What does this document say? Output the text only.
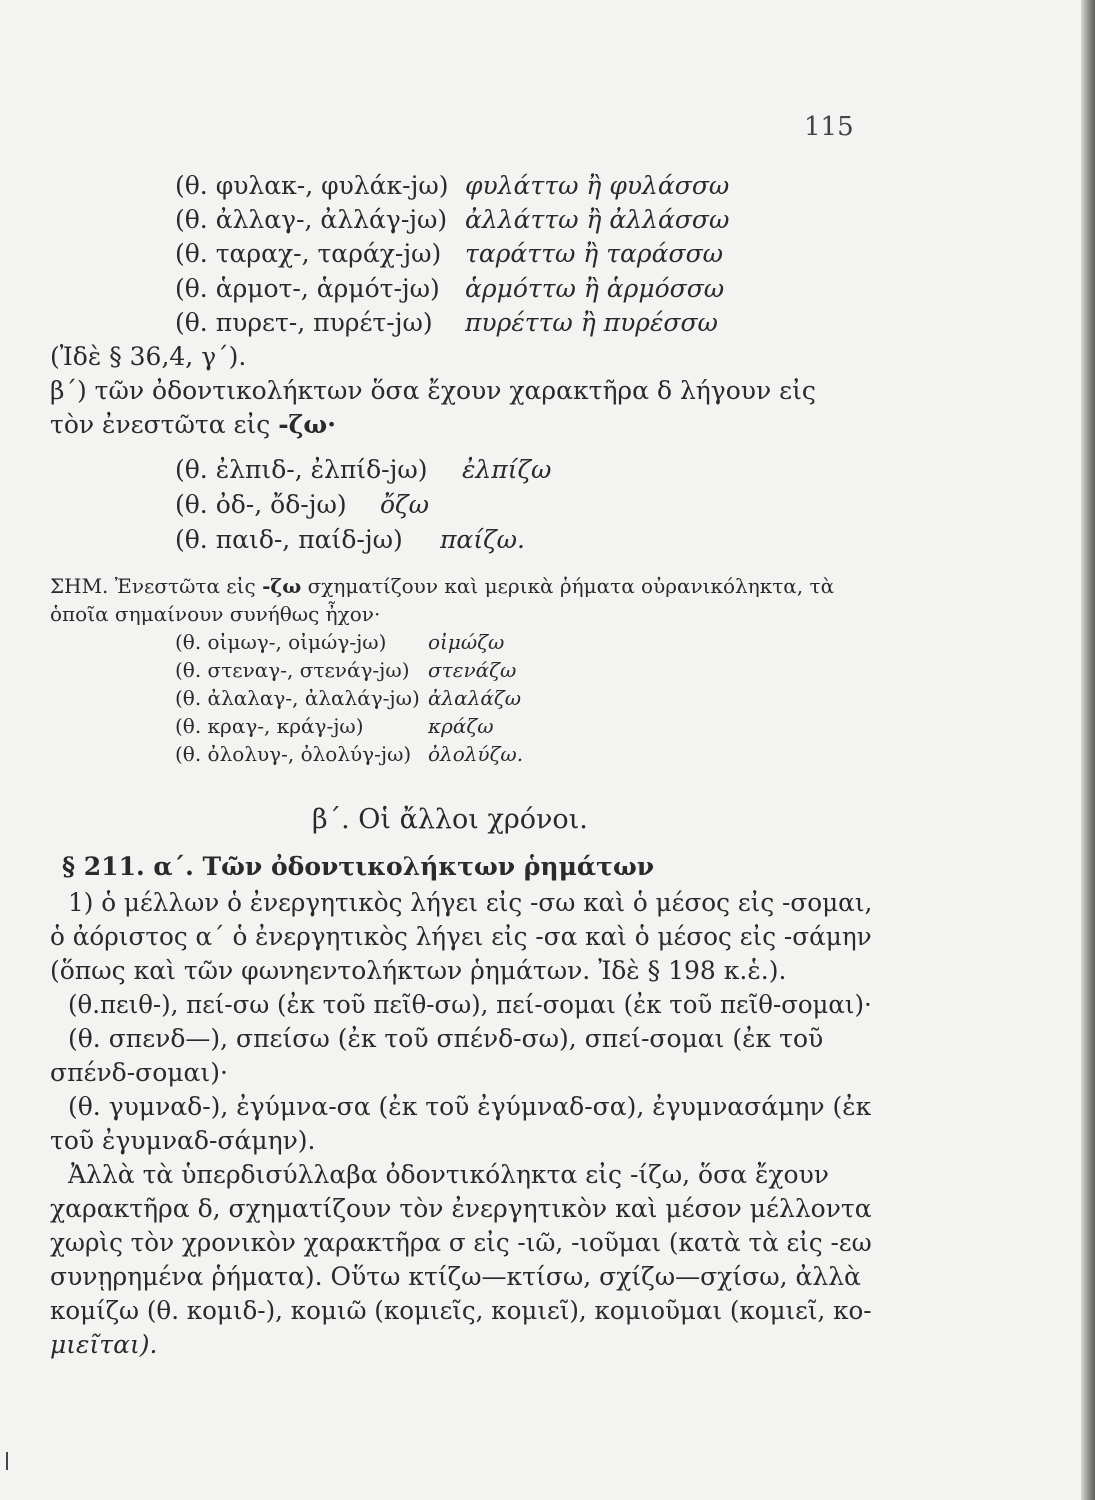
115
(θ. φυλακ-, φυλάκ-jω) φυλάττω ἢ φυλάσσω
(θ. ἀλλαγ-, ἀλλάγ-jω) ἀλλάττω ἢ ἀλλάσσω
(θ. ταραχ-, ταράχ-jω) ταράττω ἢ ταράσσω
(θ. ἁρμοτ-, ἁρμότ-jω) ἁρμόττω ἢ ἁρμόσσω
(θ. πυρετ-, πυρέτ-jω) πυρέττω ἢ πυρέσσω
(Ἰδὲ § 36,4, γ΄).
β΄) τῶν ὀδοντικολήκτων ὅσα ἔχουν χαρακτῆρα δ λήγουν εἰς
τὸν ἐνεστῶτα εἰς -ζω·
(θ. ἐλπιδ-, ἐλπίδ-jω) ἐλπίζω
(θ. ὀδ-, ὄδ-jω) ὄζω
(θ. παιδ-, παίδ-jω) παίζω.
ΣΗΜ. Ἐνεστῶτα εἰς -ζω σχηματίζουν καὶ μερικὰ ῥήματα οὐρανικόληκτα, τὰ
ὁποῖα σημαίνουν συνήθως ἦχον·
(θ. οἰμωγ-, οἰμώγ-jω) οἰμώζω
(θ. στεναγ-, στενάγ-jω) στενάζω
(θ. ἀλαλαγ-, ἀλαλάγ-jω) ἀλαλάζω
(θ. κραγ-, κράγ-jω)	κράζω
(θ. ὀλολυγ-, ὀλολύγ-jω) ὀλολύζω.
β΄. Οἱ ἄλλοι χρόνοι.
§ 211. α΄. Τῶν ὀδοντικολήκτων ῥημάτων
1) ὁ μέλλων ὁ ἐνεργητικὸς λήγει εἰς -σω καὶ ὁ μέσος εἰς -σομαι,
ὁ ἀόριστος α΄ ὁ ἐνεργητικὸς λήγει εἰς -σα καὶ ὁ μέσος εἰς -σάμην
(ὅπως καὶ τῶν φωνηεντολήκτων ῥημάτων. Ἰδὲ § 198 κ.ἑ.).
(θ.πειθ-), πεί-σω (ἐκ τοῦ πεῖθ-σω), πεί-σομαι (ἐκ τοῦ πεῖθ-σομαι)·
(θ. σπενδ—), σπείσω (ἐκ τοῦ σπένδ-σω), σπεί-σομαι (ἐκ τοῦ
σπένδ-σομαι)·
(θ. γυμναδ-), ἐγύμνα-σα (ἐκ τοῦ ἐγύμναδ-σα), ἐγυμνασάμην (ἐκ
τοῦ ἐγυμναδ-σάμην).
Ἀλλὰ τὰ ὑπερδισύλλαβα ὀδοντικόληκτα εἰς -ίζω, ὅσα ἔχουν
χαρακτῆρα δ, σχηματίζουν τὸν ἐνεργητικὸν καὶ μέσον μέλλοντα
χωρὶς τὸν χρονικὸν χαρακτῆρα σ εἰς -ιῶ, -ιοῦμαι (κατὰ τὰ εἰς -εω
συνῃρημένα ῥήματα). Οὕτω κτίζω—κτίσω, σχίζω—σχίσω, ἀλλὰ
κομίζω (θ. κομιδ-), κομιῶ (κομιεῖς, κομιεῖ), κομιοῦμαι (κομιεῖ, κο-
μιεῖται).
